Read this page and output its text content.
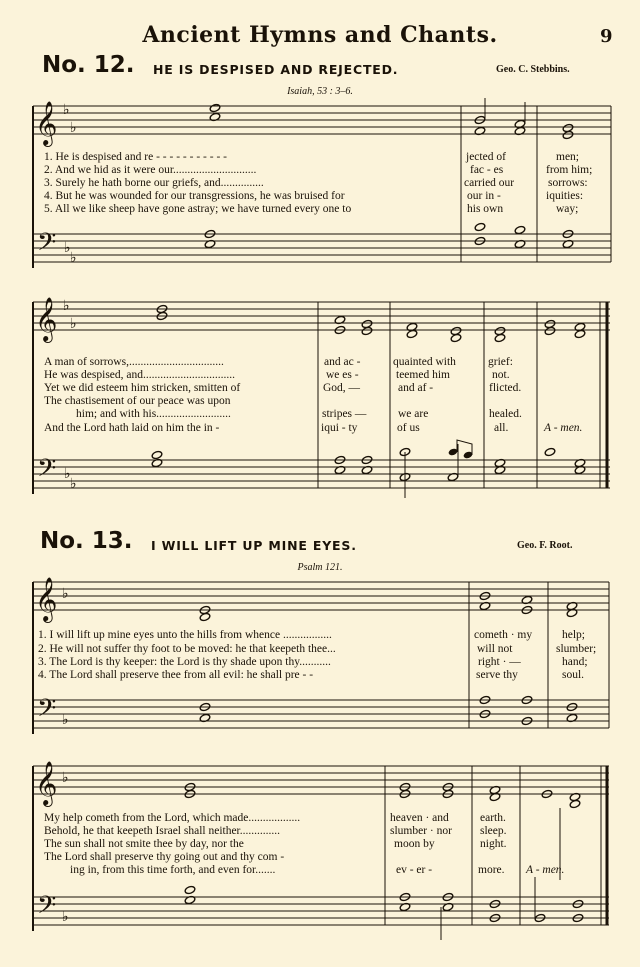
Ancient Hymns and Chants.	9
No. 12. HE IS DESPISED AND REJECTED.	Geo. C. Stebbins.
Isaiah, 53 : 3–6.
No. 13. I WILL LIFT UP MINE EYES.	Geo. F. Root.
Psalm 121.
𝄞
𝄢
𝄞
𝄢
𝄞
𝄢
𝄞
𝄢
♭
♭
♭
♭
♭
♭
♭
♭
♭
♭
♭
♭
1. He is despised and re - - - - - - - - - - -	jected of	men;
2. And we hid as it were our.............................	fac - es	from him;
3. Surely he hath borne our griefs, and...............	carried our	sorrows:
4. But he was wounded for our transgressions, he was bruised for	our in -	iquities:
5. All we like sheep have gone astray; we have turned every one to	his own	way;
A man of sorrows,.................................	and ac -	quainted with	grief:
He was despised, and................................	we es -	teemed him	not.
Yet we did esteem him stricken, smitten of	God, —	and af -	flicted.
The chastisement of our peace was upon
him; and with his..........................	stripes —	we are	healed.
And the Lord hath laid on him the in -	iqui - ty	of us	all.	A - men.
1. I will lift up mine eyes unto the hills from whence .................	cometh · my	help;
2. He will not suffer thy foot to be moved: he that keepeth thee...	will not	slumber;
3. The Lord is thy keeper: the Lord is thy shade upon thy...........	right · —	hand;
4. The Lord shall preserve thee from all evil: he shall pre - -	serve thy	soul.
My help cometh from the Lord, which made..................	heaven · and	earth.
Behold, he that keepeth Israel shall neither..............	slumber · nor sleep.
The sun shall not smite thee by day, nor the	moon by	night.
The Lord shall preserve thy going out and thy com -
ing in, from this time forth, and even for.......	ev - er -	more. A - men.
